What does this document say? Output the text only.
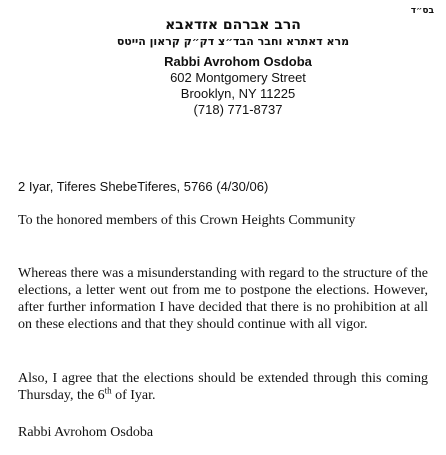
בס״ד
הרב אברהם אזדאבא
מרא דאתרא וחבר הבד״צ דק״ק קראון הייטס
Rabbi Avrohom Osdoba
602 Montgomery Street
Brooklyn, NY 11225
(718) 771-8737
2 Iyar, Tiferes ShebeTiferes, 5766 (4/30/06)
To the honored members of this Crown Heights Community
Whereas there was a misunderstanding with regard to the structure of the elections, a letter went out from me to postpone the elections. However, after further information I have decided that there is no prohibition at all on these elections and that they should continue with all vigor.
Also, I agree that the elections should be extended through this coming Thursday, the 6th of Iyar.
Rabbi Avrohom Osdoba
